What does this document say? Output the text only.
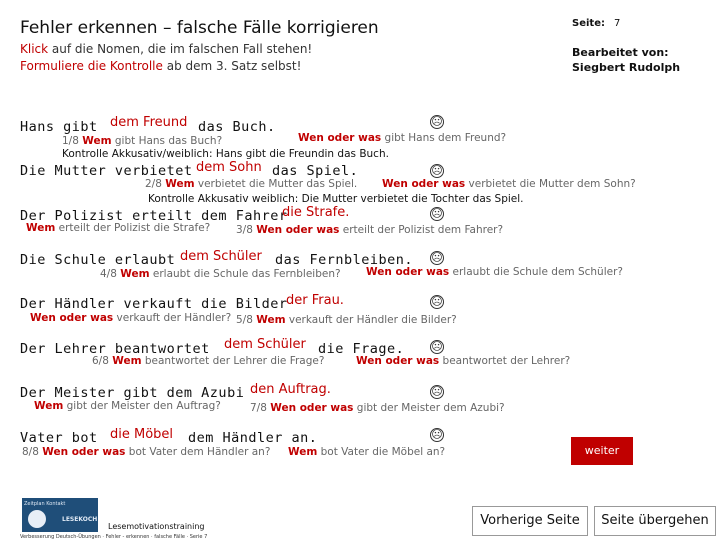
Fehler erkennen – falsche Fälle korrigieren
Klick auf die Nomen, die im falschen Fall stehen!
Formuliere die Kontrolle ab dem 3. Satz selbst!
Seite: 7
Bearbeitet von:
Siegbert Rudolph
Hans gibt dem Freund das Buch.	☹
1/8 Wem gibt Hans das Buch?	Wen oder was gibt Hans dem Freund?
Kontrolle Akkusativ/weiblich: Hans gibt die Freundin das Buch.
Die Mutter verbietet dem Sohn das Spiel.	☹
2/8 Wem verbietet die Mutter das Spiel. Wen oder was verbietet die Mutter dem Sohn?
Kontrolle Akkusativ weiblich: Die Mutter verbietet die Tochter das Spiel.
Der Polizist erteilt dem Fahrer
die Strafe.	☹
Wem erteilt der Polizist die Strafe? 3/8 Wen oder was erteilt der Polizist dem Fahrer?
Die Schule erlaubt dem Schüler das Fernbleiben. ☹
4/8 Wem erlaubt die Schule das Fernbleiben? Wen oder was erlaubt die Schule dem Schüler?
Der Händler verkauft die Bilder
der Frau.	☹
Wen oder was verkauft der Händler? 5/8 Wem verkauft der Händler die Bilder?
Der Lehrer beantwortet dem Schüler die Frage. ☹
6/8 Wem beantwortet der Lehrer die Frage?	Wen oder was beantwortet der Lehrer?
Der Meister gibt dem Azubi den Auftrag.	☹
Wem gibt der Meister den Auftrag?	7/8 Wen oder was gibt der Meister dem Azubi?
Vater bot die Möbel dem Händler an.	☹
8/8 Wen oder was bot Vater dem Händler an? Wem bot Vater die Möbel an?	weiter
Vorherige Seite	Seite übergehen
Zeitplan Kontakt
LESEKOCH
Lesemotivationstraining
Verbesserung Deutsch-Übungen · Fehler - erkennen · falsche Fälle · Serie 7
